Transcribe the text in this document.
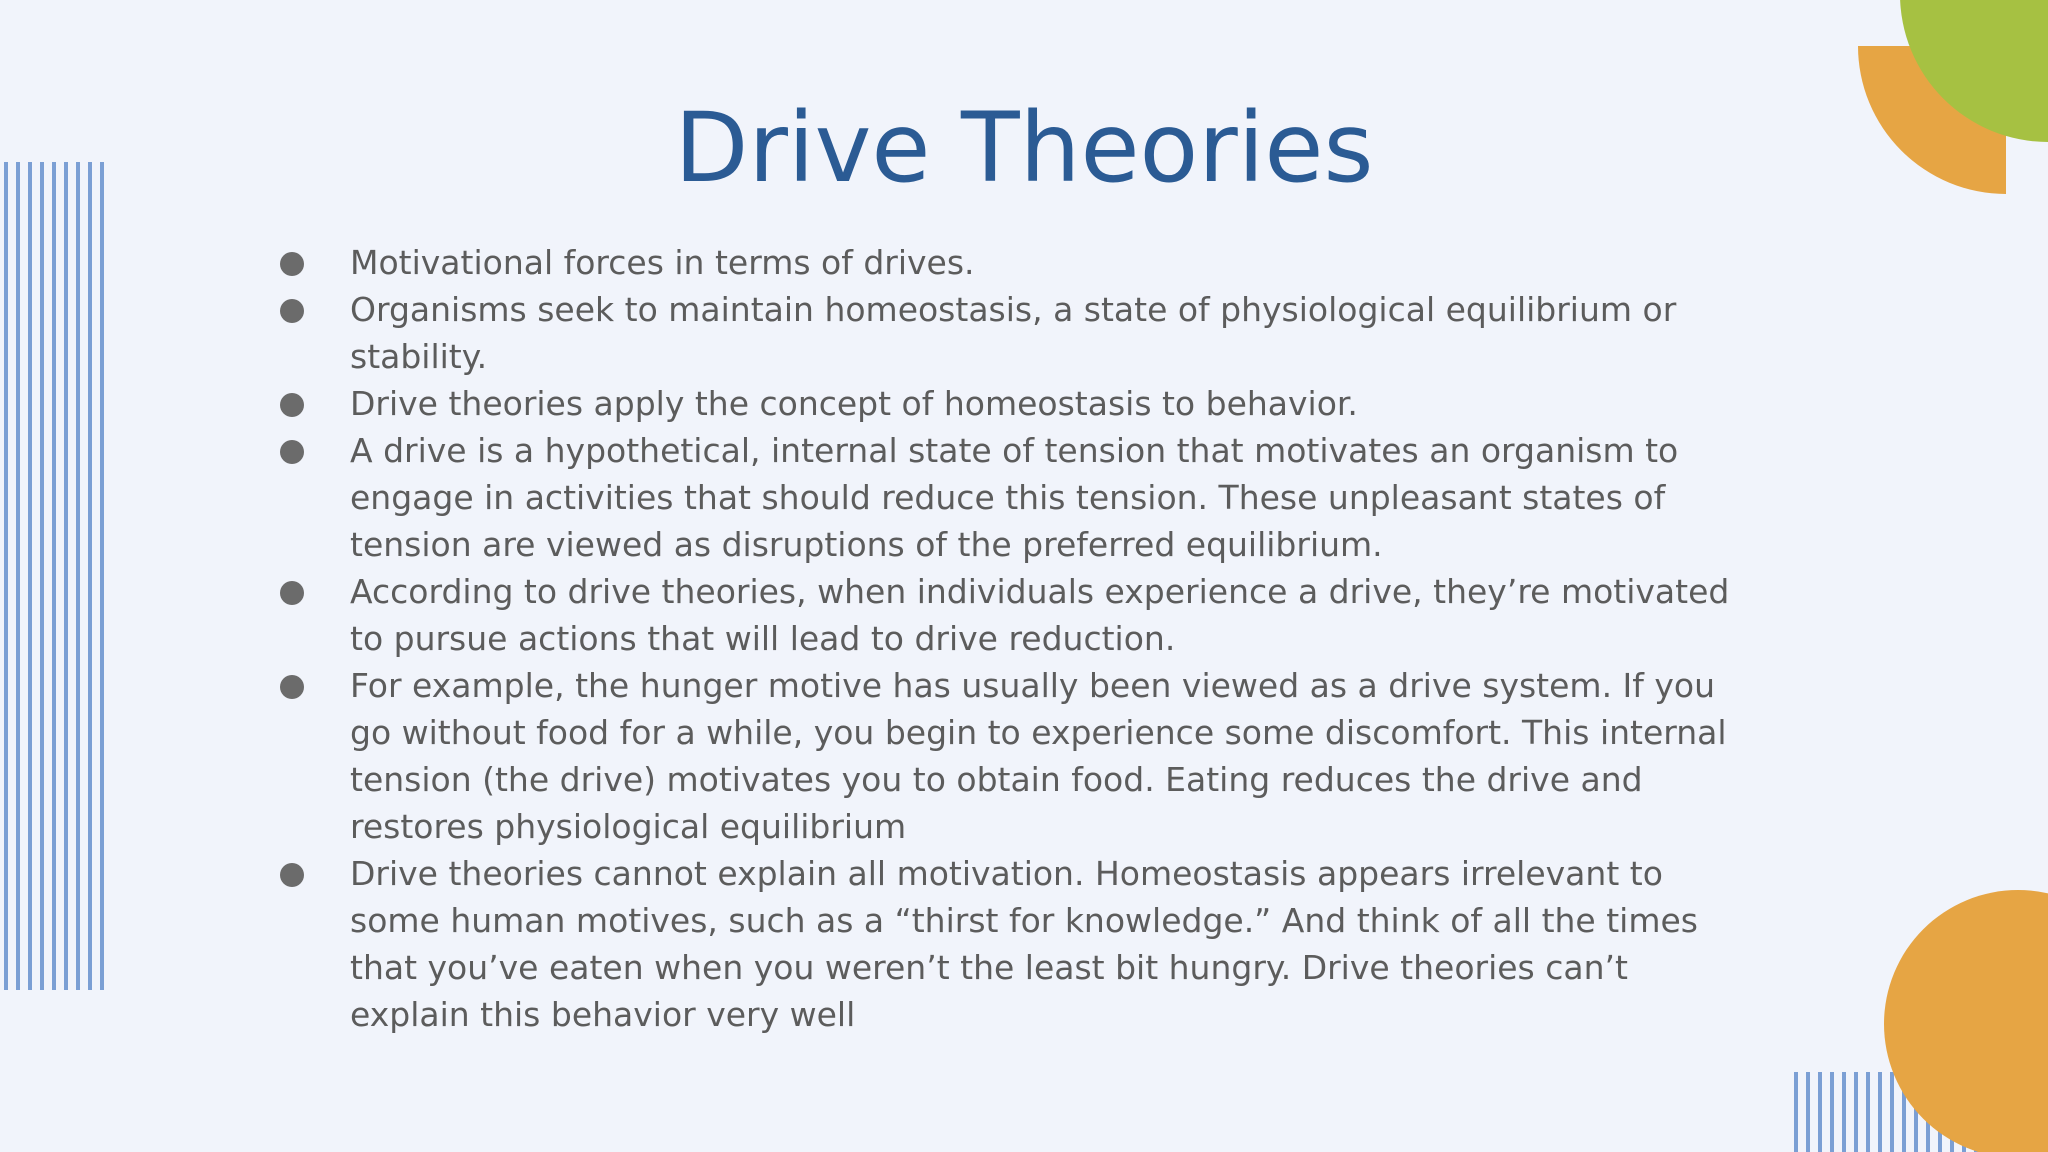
Drive Theories
Motivational forces in terms of drives.
Organisms seek to maintain homeostasis, a state of physiological equilibrium or stability.
Drive theories apply the concept of homeostasis to behavior.
A drive is a hypothetical, internal state of tension that motivates an organism to engage in activities that should reduce this tension. These unpleasant states of tension are viewed as disruptions of the preferred equilibrium.
According to drive theories, when individuals experience a drive, they’re motivated to pursue actions that will lead to drive reduction.
For example, the hunger motive has usually been viewed as a drive system. If you go without food for a while, you begin to experience some discomfort. This internal tension (the drive) motivates you to obtain food. Eating reduces the drive and restores physiological equilibrium
Drive theories cannot explain all motivation. Homeostasis appears irrelevant to some human motives, such as a “thirst for knowledge.” And think of all the times that you’ve eaten when you weren’t the least bit hungry. Drive theories can’t explain this behavior very well
